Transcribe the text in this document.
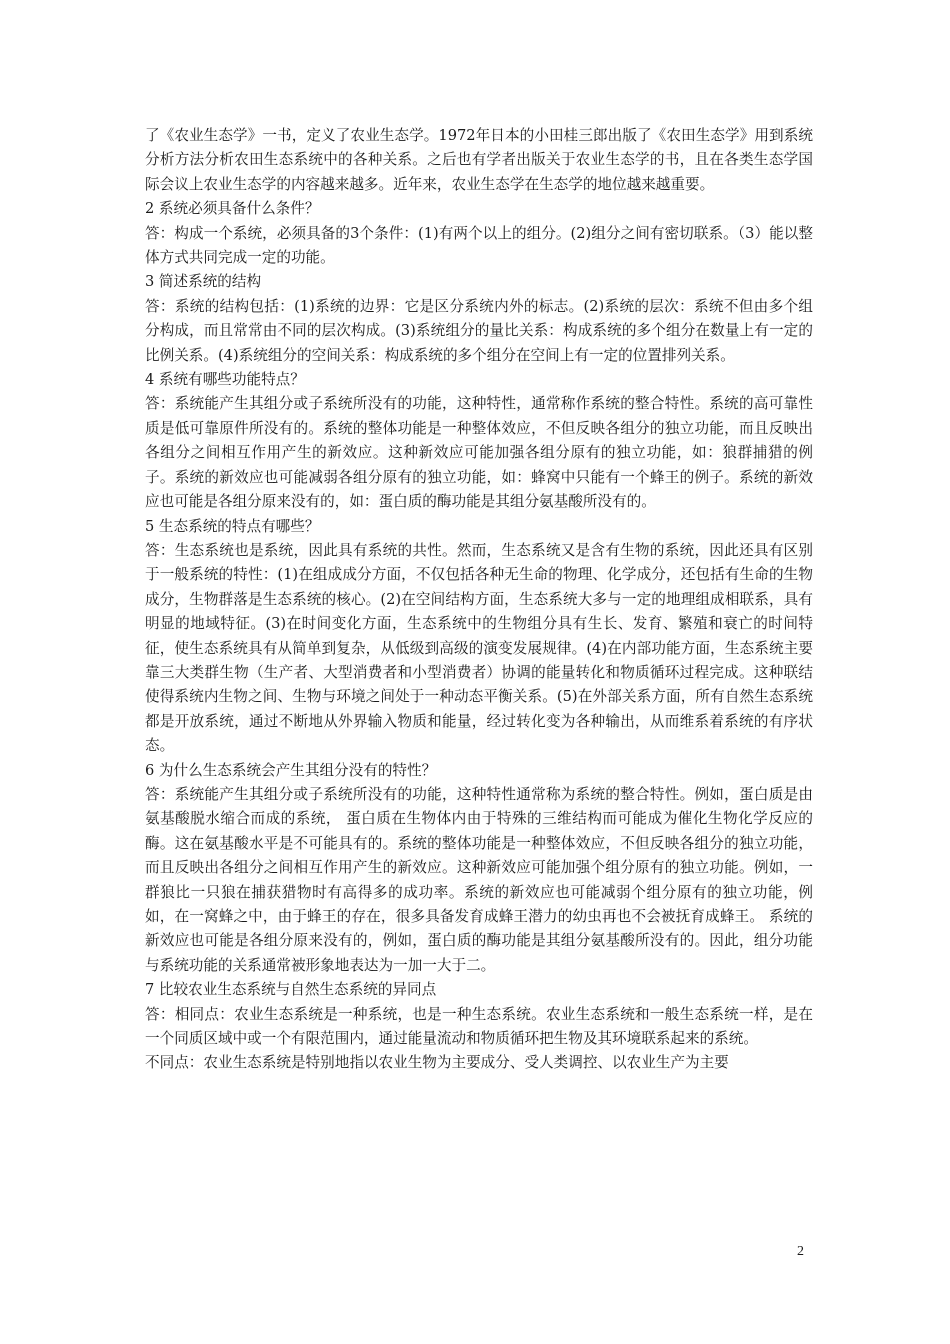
了《农业生态学》一书，定义了农业生态学。1972年日本的小田桂三郎出版了《农田生态学》用到系统分析方法分析农田生态系统中的各种关系。之后也有学者出版关于农业生态学的书，且在各类生态学国际会议上农业生态学的内容越来越多。近年来，农业生态学在生态学的地位越来越重要。

2 系统必须具备什么条件？

答：构成一个系统，必须具备的3个条件：(1)有两个以上的组分。(2)组分之间有密切联系。（3）能以整体方式共同完成一定的功能。

3 简述系统的结构

答：系统的结构包括：(1)系统的边界：它是区分系统内外的标志。(2)系统的层次：系统不但由多个组分构成，而且常常由不同的层次构成。(3)系统组分的量比关系：构成系统的多个组分在数量上有一定的比例关系。(4)系统组分的空间关系：构成系统的多个组分在空间上有一定的位置排列关系。

4 系统有哪些功能特点？

答：系统能产生其组分或子系统所没有的功能，这种特性，通常称作系统的整合特性。系统的高可靠性质是低可靠原件所没有的。系统的整体功能是一种整体效应，不但反映各组分的独立功能，而且反映出各组分之间相互作用产生的新效应。这种新效应可能加强各组分原有的独立功能，如：狼群捕猎的例子。系统的新效应也可能减弱各组分原有的独立功能，如：蜂窝中只能有一个蜂王的例子。系统的新效应也可能是各组分原来没有的，如：蛋白质的酶功能是其组分氨基酸所没有的。

5 生态系统的特点有哪些？

答：生态系统也是系统，因此具有系统的共性。然而，生态系统又是含有生物的系统，因此还具有区别于一般系统的特性：(1)在组成成分方面，不仅包括各种无生命的物理、化学成分，还包括有生命的生物成分，生物群落是生态系统的核心。(2)在空间结构方面，生态系统大多与一定的地理组成相联系，具有明显的地域特征。(3)在时间变化方面，生态系统中的生物组分具有生长、发育、繁殖和衰亡的时间特征，使生态系统具有从简单到复杂，从低级到高级的演变发展规律。(4)在内部功能方面，生态系统主要靠三大类群生物（生产者、大型消费者和小型消费者）协调的能量转化和物质循环过程完成。这种联结使得系统内生物之间、生物与环境之间处于一种动态平衡关系。(5)在外部关系方面，所有自然生态系统都是开放系统，通过不断地从外界输入物质和能量，经过转化变为各种输出，从而维系着系统的有序状态。

6 为什么生态系统会产生其组分没有的特性？

答：系统能产生其组分或子系统所没有的功能，这种特性通常称为系统的整合特性。例如，蛋白质是由氨基酸脱水缩合而成的系统， 蛋白质在生物体内由于特殊的三维结构而可能成为催化生物化学反应的酶。这在氨基酸水平是不可能具有的。系统的整体功能是一种整体效应，不但反映各组分的独立功能，而且反映出各组分之间相互作用产生的新效应。这种新效应可能加强个组分原有的独立功能。例如，一群狼比一只狼在捕获猎物时有高得多的成功率。系统的新效应也可能减弱个组分原有的独立功能，例如，在一窝蜂之中，由于蜂王的存在，很多具备发育成蜂王潜力的幼虫再也不会被抚育成蜂王。 系统的新效应也可能是各组分原来没有的，例如，蛋白质的酶功能是其组分氨基酸所没有的。因此，组分功能与系统功能的关系通常被形象地表达为一加一大于二。

7 比较农业生态系统与自然生态系统的异同点

答：相同点：农业生态系统是一种系统，也是一种生态系统。农业生态系统和一般生态系统一样，是在一个同质区域中或一个有限范围内，通过能量流动和物质循环把生物及其环境联系起来的系统。

不同点：农业生态系统是特别地指以农业生物为主要成分、受人类调控、以农业生产为主要

2
